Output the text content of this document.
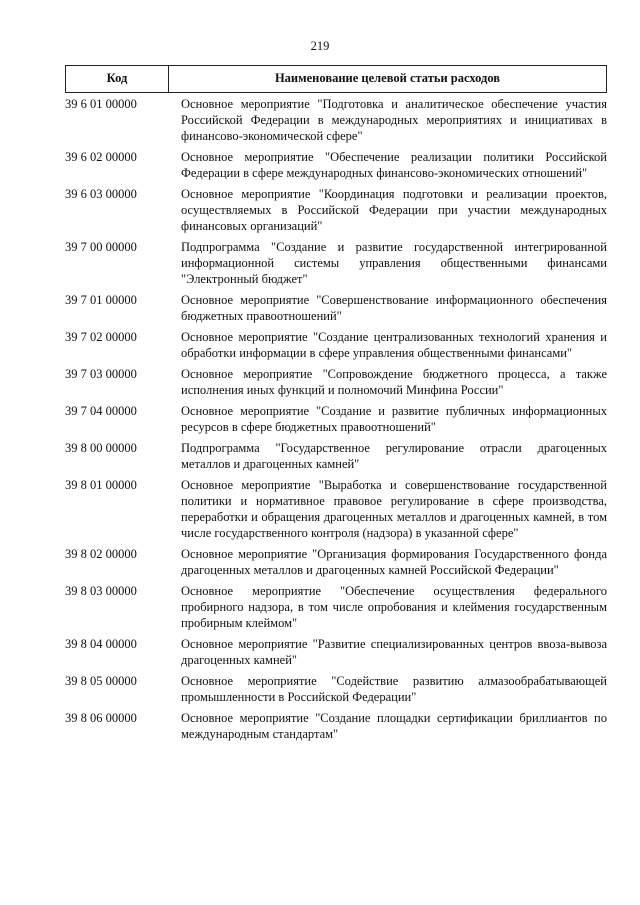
219
Код	Наименование целевой статьи расходов
39 6 01 00000	Основное мероприятие "Подготовка и аналитическое обеспечение участия Российской Федерации в международных мероприятиях и инициативах в финансово-экономической сфере"
39 6 02 00000	Основное мероприятие "Обеспечение реализации политики Российской Федерации в сфере международных финансово-экономических отношений"
39 6 03 00000	Основное мероприятие "Координация подготовки и реализации проектов, осуществляемых в Российской Федерации при участии международных финансовых организаций"
39 7 00 00000	Подпрограмма "Создание и развитие государственной интегрированной информационной системы управления общественными финансами "Электронный бюджет"
39 7 01 00000	Основное мероприятие "Совершенствование информационного обеспечения бюджетных правоотношений"
39 7 02 00000	Основное мероприятие "Создание централизованных технологий хранения и обработки информации в сфере управления общественными финансами"
39 7 03 00000	Основное мероприятие "Сопровождение бюджетного процесса, а также исполнения иных функций и полномочий Минфина России"
39 7 04 00000	Основное мероприятие "Создание и развитие публичных информационных ресурсов в сфере бюджетных правоотношений"
39 8 00 00000	Подпрограмма "Государственное регулирование отрасли драгоценных металлов и драгоценных камней"
39 8 01 00000	Основное мероприятие "Выработка и совершенствование государственной политики и нормативное правовое регулирование в сфере производства, переработки и обращения драгоценных металлов и драгоценных камней, в том числе государственного контроля (надзора) в указанной сфере"
39 8 02 00000	Основное мероприятие "Организация формирования Государственного фонда драгоценных металлов и драгоценных камней Российской Федерации"
39 8 03 00000	Основное мероприятие "Обеспечение осуществления федерального пробирного надзора, в том числе опробования и клеймения государственным пробирным клеймом"
39 8 04 00000	Основное мероприятие "Развитие специализированных центров ввоза-вывоза драгоценных камней"
39 8 05 00000	Основное мероприятие "Содействие развитию алмазообрабатывающей промышленности в Российской Федерации"
39 8 06 00000	Основное мероприятие "Создание площадки сертификации бриллиантов по международным стандартам"
